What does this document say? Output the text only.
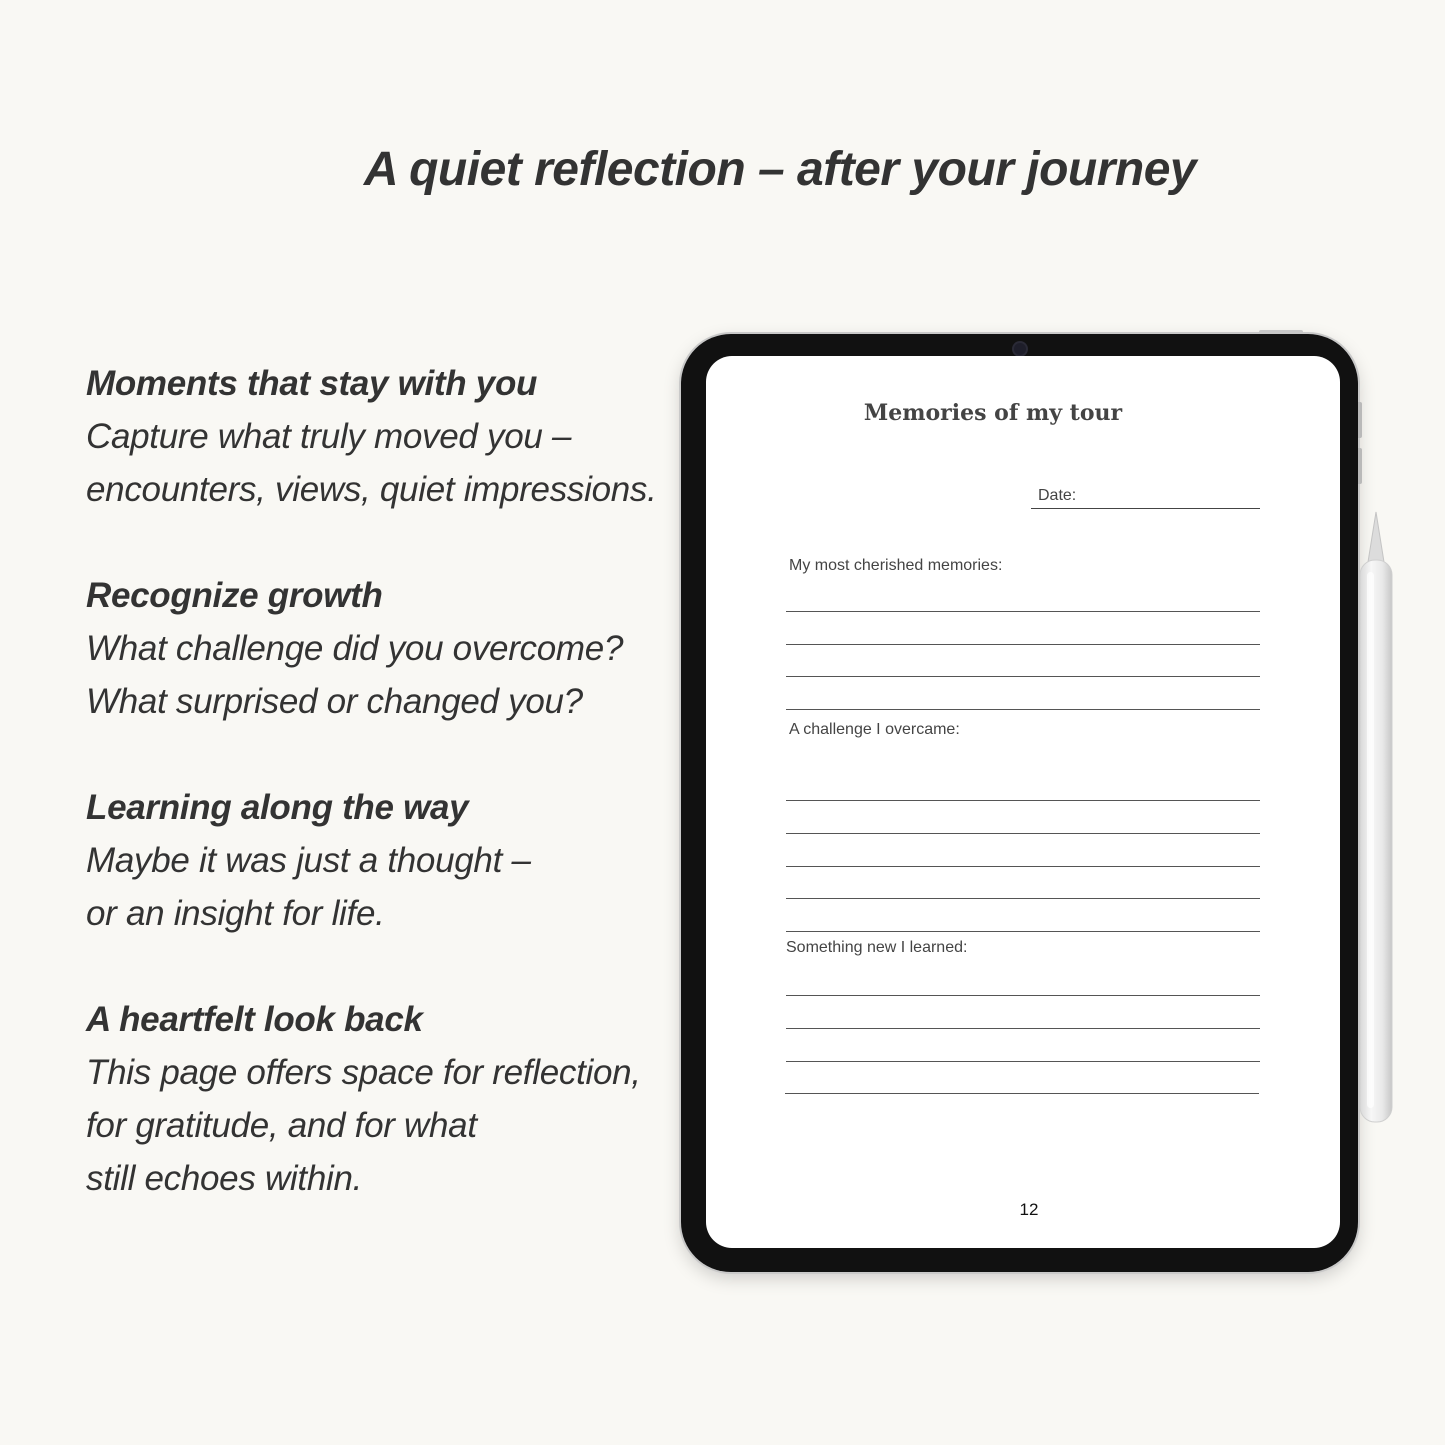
A quiet reflection – after your journey

Moments that stay with you

Capture what truly moved you –

encounters, views, quiet impressions.

Recognize growth

What challenge did you overcome?

What surprised or changed you?

Learning along the way

Maybe it was just a thought –

or an insight for life.

A heartfelt look back

This page offers space for reflection,

for gratitude, and for what

still echoes within.

Memories of my tour

Date:
My most cherished memories:
A challenge I overcame:
Something new I learned:
12
